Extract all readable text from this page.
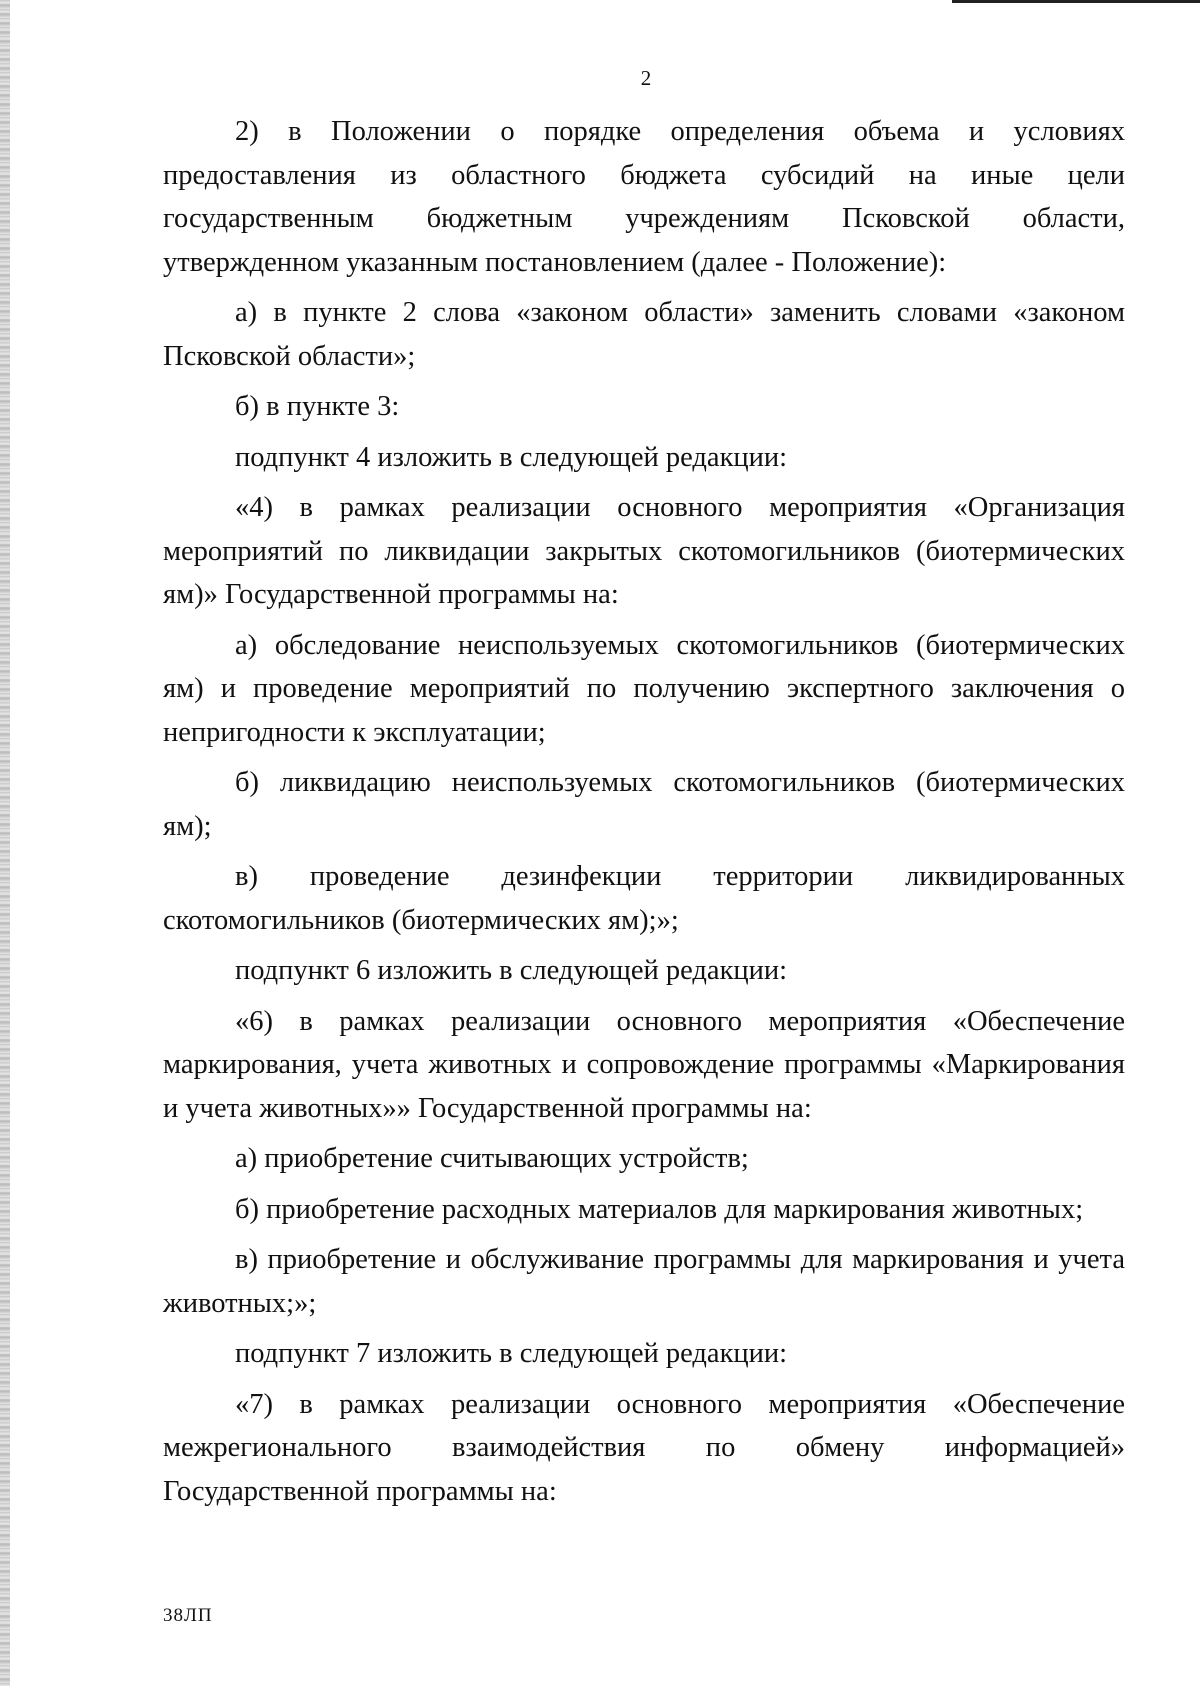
2

2) в Положении о порядке определения объема и условиях предоставления из областного бюджета субсидий на иные цели государственным бюджетным учреждениям Псковской области, утвержденном указанным постановлением (далее - Положение):

а) в пункте 2 слова «законом области» заменить словами «законом Псковской области»;

б) в пункте 3:

подпункт 4 изложить в следующей редакции:

«4) в рамках реализации основного мероприятия «Организация мероприятий по ликвидации закрытых скотомогильников (биотермических ям)» Государственной программы на:

а) обследование неиспользуемых скотомогильников (биотермических ям) и проведение мероприятий по получению экспертного заключения о непригодности к эксплуатации;

б) ликвидацию неиспользуемых скотомогильников (биотермических ям);

в) проведение дезинфекции территории ликвидированных скотомогильников (биотермических ям);»;

подпункт 6 изложить в следующей редакции:

«6) в рамках реализации основного мероприятия «Обеспечение маркирования, учета животных и сопровождение программы «Маркирования и учета животных»» Государственной программы на:

а) приобретение считывающих устройств;

б) приобретение расходных материалов для маркирования животных;

в) приобретение и обслуживание программы для маркирования и учета животных;»;

подпункт 7 изложить в следующей редакции:

«7) в рамках реализации основного мероприятия «Обеспечение межрегионального взаимодействия по обмену информацией» Государственной программы на:

38ЛП
